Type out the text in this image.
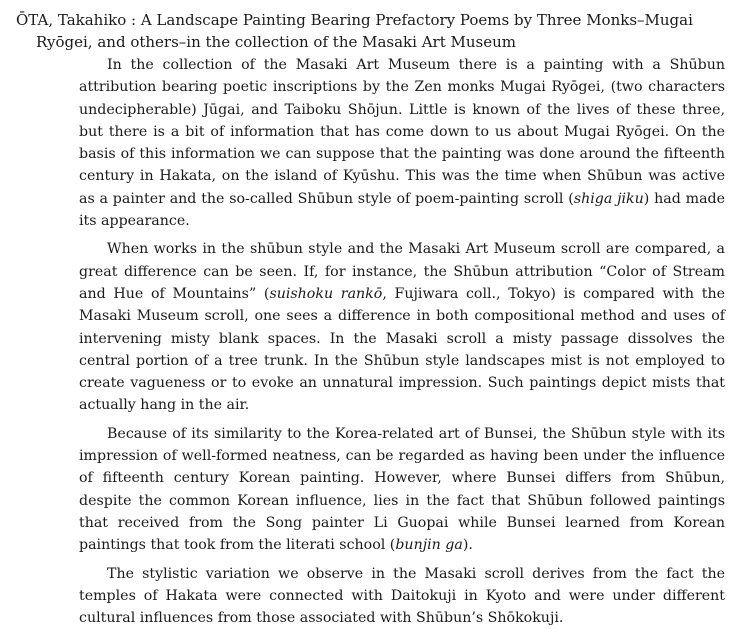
ŌTA, Takahiko : A Landscape Painting Bearing Prefactory Poems by Three Monks–Mugai
Ryōgei, and others–in the collection of the Masaki Art Museum

In the collection of the Masaki Art Museum there is a painting with a Shūbun attribution bearing poetic inscriptions by the Zen monks Mugai Ryōgei, (two characters undecipherable) Jūgai, and Taiboku Shōjun. Little is known of the lives of these three, but there is a bit of information that has come down to us about Mugai Ryōgei. On the basis of this information we can suppose that the painting was done around the fifteenth century in Hakata, on the island of Kyūshu. This was the time when Shūbun was active as a painter and the so-called Shūbun style of poem-painting scroll (shiga jiku) had made its appearance.

When works in the shūbun style and the Masaki Art Museum scroll are compared, a great difference can be seen. If, for instance, the Shūbun attribution “Color of Stream and Hue of Mountains” (suishoku rankō, Fujiwara coll., Tokyo) is compared with the Masaki Museum scroll, one sees a difference in both compositional method and uses of intervening misty blank spaces. In the Masaki scroll a misty passage dissolves the central portion of a tree trunk. In the Shūbun style landscapes mist is not employed to create vagueness or to evoke an unnatural impression. Such paintings depict mists that actually hang in the air.

Because of its similarity to the Korea-related art of Bunsei, the Shūbun style with its impression of well-formed neatness, can be regarded as having been under the influence of fifteenth century Korean painting. However, where Bunsei differs from Shūbun, despite the common Korean influence, lies in the fact that Shūbun followed paintings that received from the Song painter Li Guopai while Bunsei learned from Korean paintings that took from the literati school (bunjin ga).

The stylistic variation we observe in the Masaki scroll derives from the fact the temples of Hakata were connected with Daitokuji in Kyoto and were under different cultural influences from those associated with Shūbun’s Shōkokuji.
